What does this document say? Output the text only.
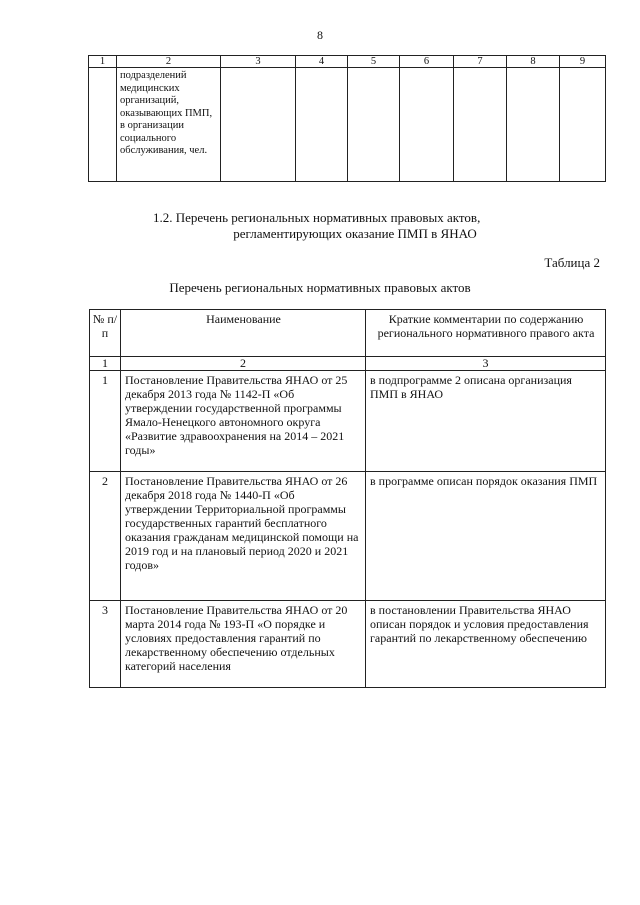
8
1	2	3	4	5	6	7	8	9
	подразделений медицинских организаций, оказывающих ПМП, в организации социального обслуживания, чел.							
1.2. Перечень региональных нормативных правовых актов,
регламентирующих оказание ПМП в ЯНАО
Таблица 2
Перечень региональных нормативных правовых актов
№ п/п	Наименование	Краткие комментарии по содержанию регионального нормативного правого акта
1	2	3
1	Постановление Правительства ЯНАО от 25 декабря 2013 года № 1142-П «Об утверждении государственной программы Ямало-Ненецкого автономного округа «Развитие здравоохранения на 2014 – 2021 годы»	в подпрограмме 2 описана организация ПМП в ЯНАО
2	Постановление Правительства ЯНАО от 26 декабря 2018 года № 1440-П «Об утверждении Территориальной программы государственных гарантий бесплатного оказания гражданам медицинской помощи на 2019 год и на плановый период 2020 и 2021 годов»	в программе описан порядок оказания ПМП
3	Постановление Правительства ЯНАО от 20 марта 2014 года № 193-П «О порядке и условиях предоставления гарантий по лекарственному обеспечению отдельных категорий населения	в постановлении Правительства ЯНАО описан порядок и условия предоставления гарантий по лекарственному обеспечению
